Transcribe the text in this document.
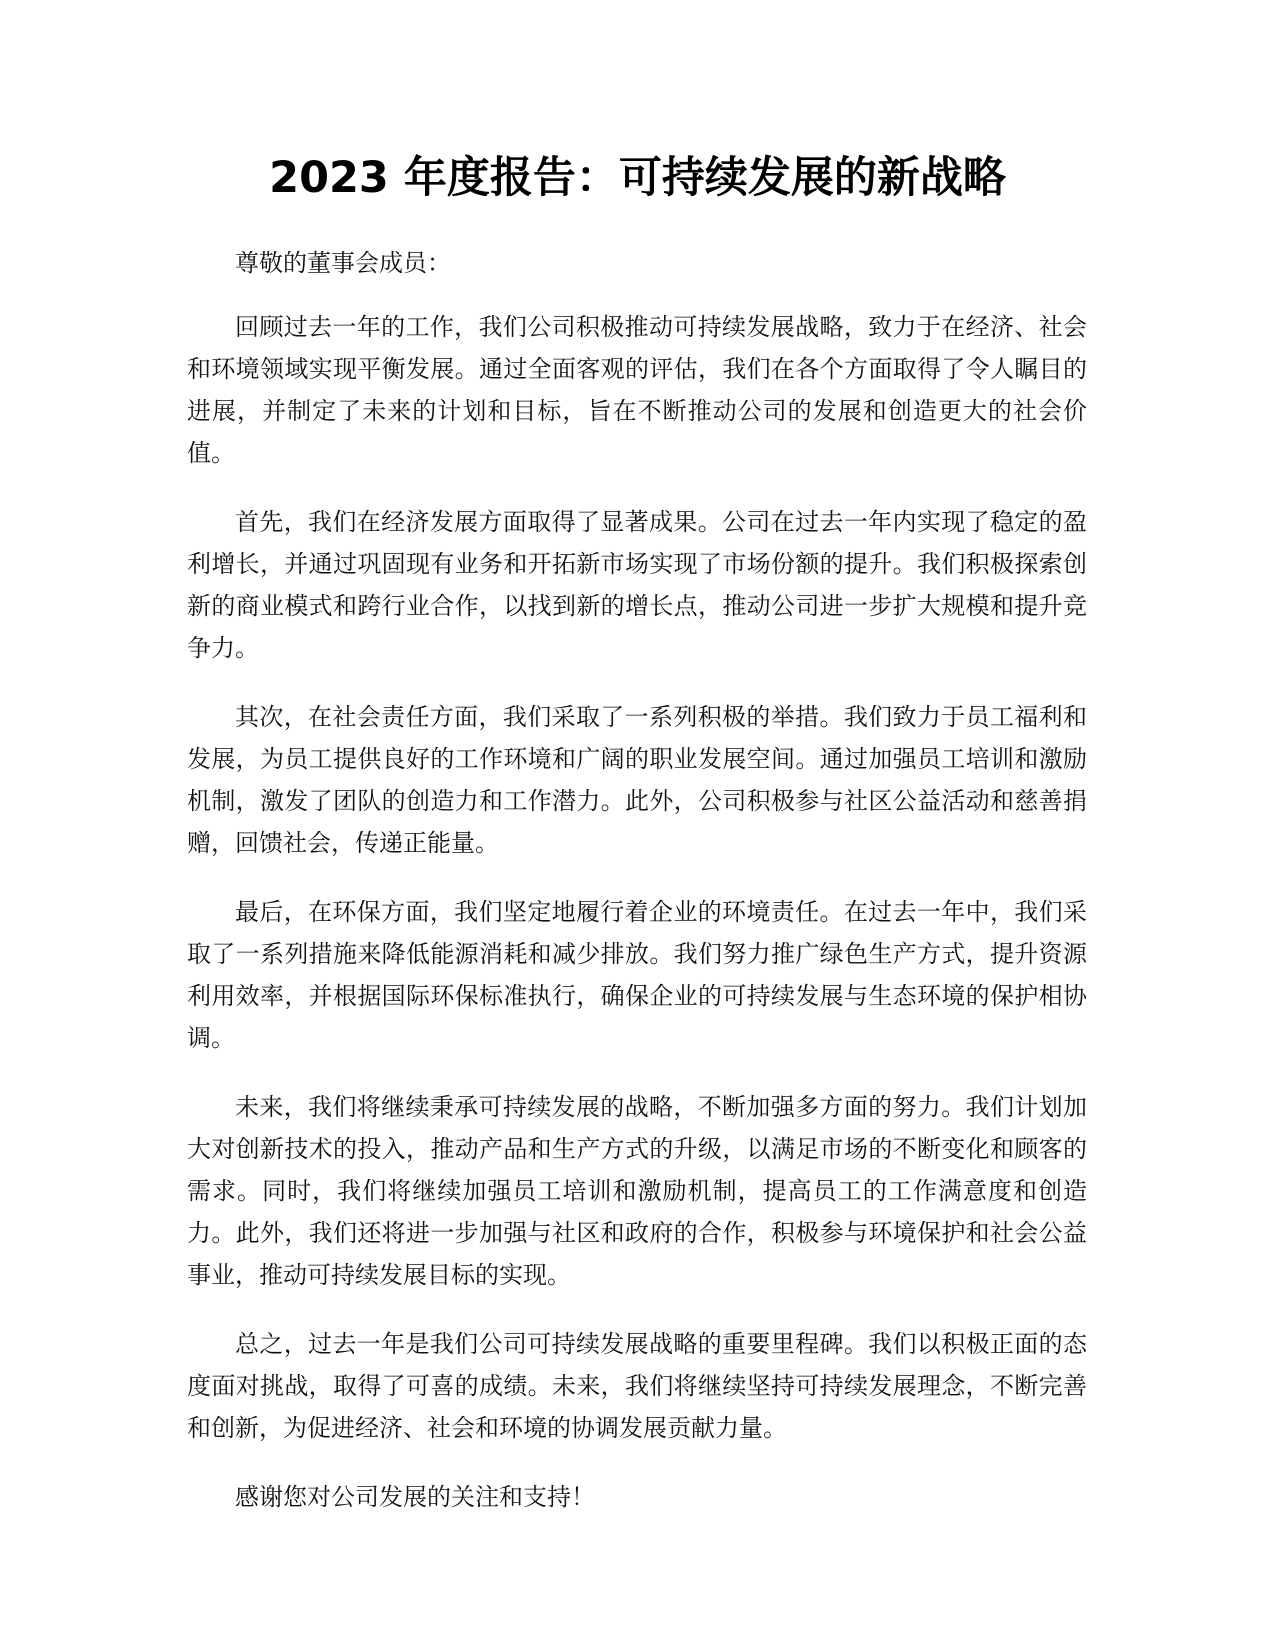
2023 年度报告：可持续发展的新战略

尊敬的董事会成员：

回顾过去一年的工作，我们公司积极推动可持续发展战略，致力于在经济、社会和环境领域实现平衡发展。通过全面客观的评估，我们在各个方面取得了令人瞩目的进展，并制定了未来的计划和目标，旨在不断推动公司的发展和创造更大的社会价值。

首先，我们在经济发展方面取得了显著成果。公司在过去一年内实现了稳定的盈利增长，并通过巩固现有业务和开拓新市场实现了市场份额的提升。我们积极探索创新的商业模式和跨行业合作，以找到新的增长点，推动公司进一步扩大规模和提升竞争力。

其次，在社会责任方面，我们采取了一系列积极的举措。我们致力于员工福利和发展，为员工提供良好的工作环境和广阔的职业发展空间。通过加强员工培训和激励机制，激发了团队的创造力和工作潜力。此外，公司积极参与社区公益活动和慈善捐赠，回馈社会，传递正能量。

最后，在环保方面，我们坚定地履行着企业的环境责任。在过去一年中，我们采取了一系列措施来降低能源消耗和减少排放。我们努力推广绿色生产方式，提升资源利用效率，并根据国际环保标准执行，确保企业的可持续发展与生态环境的保护相协调。

未来，我们将继续秉承可持续发展的战略，不断加强多方面的努力。我们计划加大对创新技术的投入，推动产品和生产方式的升级，以满足市场的不断变化和顾客的需求。同时，我们将继续加强员工培训和激励机制，提高员工的工作满意度和创造力。此外，我们还将进一步加强与社区和政府的合作，积极参与环境保护和社会公益事业，推动可持续发展目标的实现。

总之，过去一年是我们公司可持续发展战略的重要里程碑。我们以积极正面的态度面对挑战，取得了可喜的成绩。未来，我们将继续坚持可持续发展理念，不断完善和创新，为促进经济、社会和环境的协调发展贡献力量。

感谢您对公司发展的关注和支持！
